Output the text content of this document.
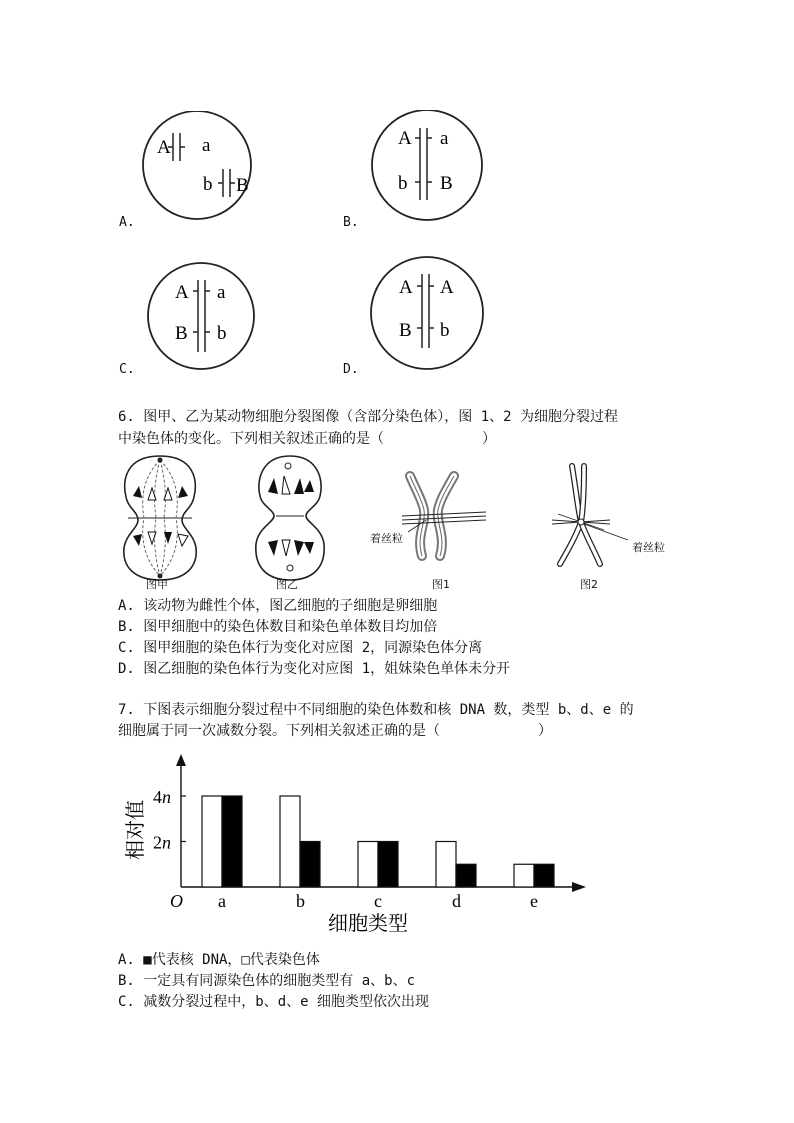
A a
b B
A.
A a
b B
B.
A a
B b
C.
A A
B b
D.
6. 图甲、乙为某动物细胞分裂图像（含部分染色体），图 1、2 为细胞分裂过程
中染色体的变化。下列相关叙述正确的是（　　　　　　　）
图甲	图乙
着丝粒
图1
着丝粒
图2
A. 该动物为雌性个体，图乙细胞的子细胞是卵细胞
B. 图甲细胞中的染色体数目和染色单体数目均加倍
C. 图甲细胞的染色体行为变化对应图 2，同源染色体分离
D. 图乙细胞的染色体行为变化对应图 1，姐妹染色单体未分开
7. 下图表示细胞分裂过程中不同细胞的染色体数和核 DNA 数，类型 b、d、e 的
细胞属于同一次减数分裂。下列相关叙述正确的是（　　　　　　　）
2n
4n
a	b	c	d	e
O
细胞类型
相对值
A. ■代表核 DNA，□代表染色体
B. 一定具有同源染色体的细胞类型有 a、b、c
C. 减数分裂过程中，b、d、e 细胞类型依次出现
